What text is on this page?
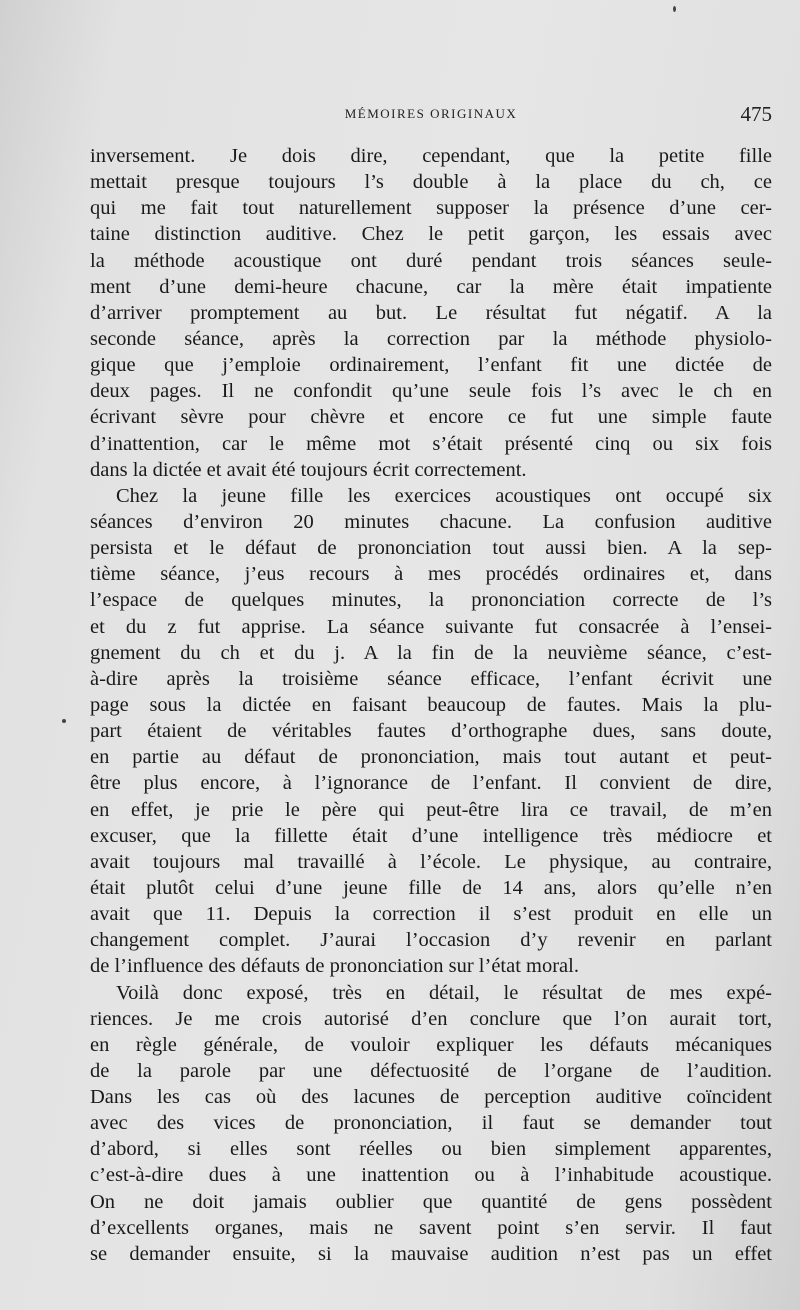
MÉMOIRES ORIGINAUX	475
inversement. Je dois dire, cependant, que la petite fille
mettait presque toujours l’s double à la place du ch, ce
qui me fait tout naturellement supposer la présence d’une cer-
taine distinction auditive. Chez le petit garçon, les essais avec
la méthode acoustique ont duré pendant trois séances seule-
ment d’une demi-heure chacune, car la mère était impatiente
d’arriver promptement au but. Le résultat fut négatif. A la
seconde séance, après la correction par la méthode physiolo-
gique que j’emploie ordinairement, l’enfant fit une dictée de
deux pages. Il ne confondit qu’une seule fois l’s avec le ch en
écrivant sèvre pour chèvre et encore ce fut une simple faute
d’inattention, car le même mot s’était présenté cinq ou six fois
dans la dictée et avait été toujours écrit correctement.
Chez la jeune fille les exercices acoustiques ont occupé six
séances d’environ 20 minutes chacune. La confusion auditive
persista et le défaut de prononciation tout aussi bien. A la sep-
tième séance, j’eus recours à mes procédés ordinaires et, dans
l’espace de quelques minutes, la prononciation correcte de l’s
et du z fut apprise. La séance suivante fut consacrée à l’ensei-
gnement du ch et du j. A la fin de la neuvième séance, c’est-
à-dire après la troisième séance efficace, l’enfant écrivit une
page sous la dictée en faisant beaucoup de fautes. Mais la plu-
part étaient de véritables fautes d’orthographe dues, sans doute,
en partie au défaut de prononciation, mais tout autant et peut-
être plus encore, à l’ignorance de l’enfant. Il convient de dire,
en effet, je prie le père qui peut-être lira ce travail, de m’en
excuser, que la fillette était d’une intelligence très médiocre et
avait toujours mal travaillé à l’école. Le physique, au contraire,
était plutôt celui d’une jeune fille de 14 ans, alors qu’elle n’en
avait que 11. Depuis la correction il s’est produit en elle un
changement complet. J’aurai l’occasion d’y revenir en parlant
de l’influence des défauts de prononciation sur l’état moral.
Voilà donc exposé, très en détail, le résultat de mes expé-
riences. Je me crois autorisé d’en conclure que l’on aurait tort,
en règle générale, de vouloir expliquer les défauts mécaniques
de la parole par une défectuosité de l’organe de l’audition.
Dans les cas où des lacunes de perception auditive coïncident
avec des vices de prononciation, il faut se demander tout
d’abord, si elles sont réelles ou bien simplement apparentes,
c’est-à-dire dues à une inattention ou à l’inhabitude acoustique.
On ne doit jamais oublier que quantité de gens possèdent
d’excellents organes, mais ne savent point s’en servir. Il faut
se demander ensuite, si la mauvaise audition n’est pas un effet
